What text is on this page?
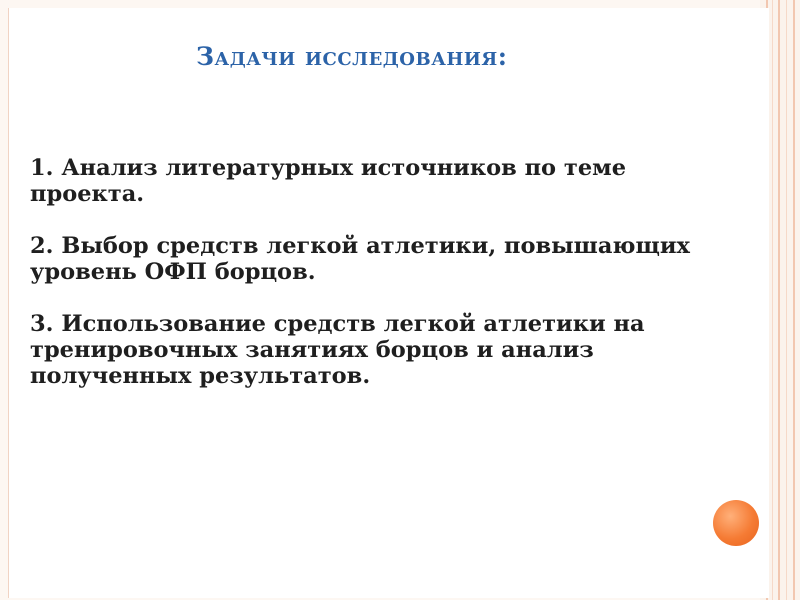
Задачи исследования:
1. Анализ литературных источников по теме
проекта.
2. Выбор средств легкой атлетики, повышающих
уровень ОФП борцов.
3. Использование средств легкой атлетики на
тренировочных занятиях борцов и анализ
полученных результатов.
